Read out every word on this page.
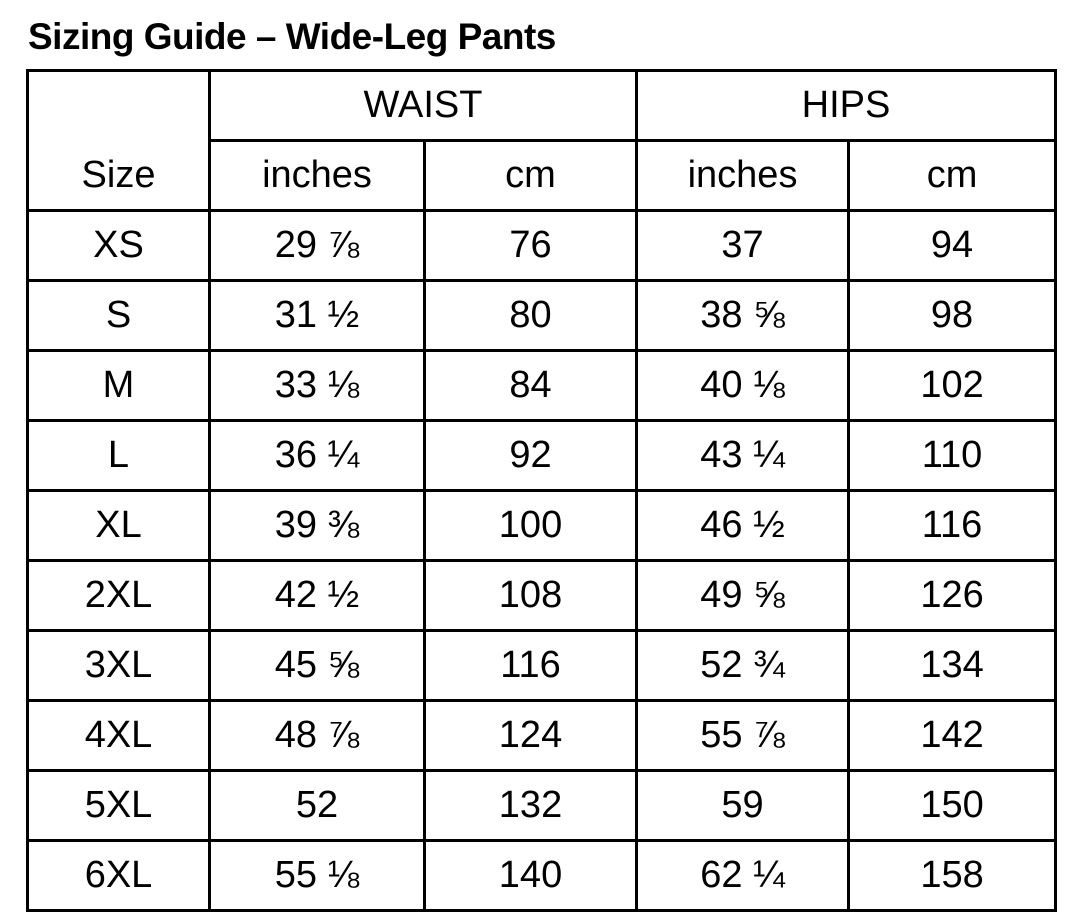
Sizing Guide – Wide-Leg Pants
	WAIST		HIPS	
Size	inches	cm	inches	cm
XS	29 ⅞	76	37	94
S	31 ½	80	38 ⅝	98
M	33 ⅛	84	40 ⅛	102
L	36 ¼	92	43 ¼	110
XL	39 ⅜	100	46 ½	116
2XL	42 ½	108	49 ⅝	126
3XL	45 ⅝	116	52 ¾	134
4XL	48 ⅞	124	55 ⅞	142
5XL	52	132	59	150
6XL	55 ⅛	140	62 ¼	158
